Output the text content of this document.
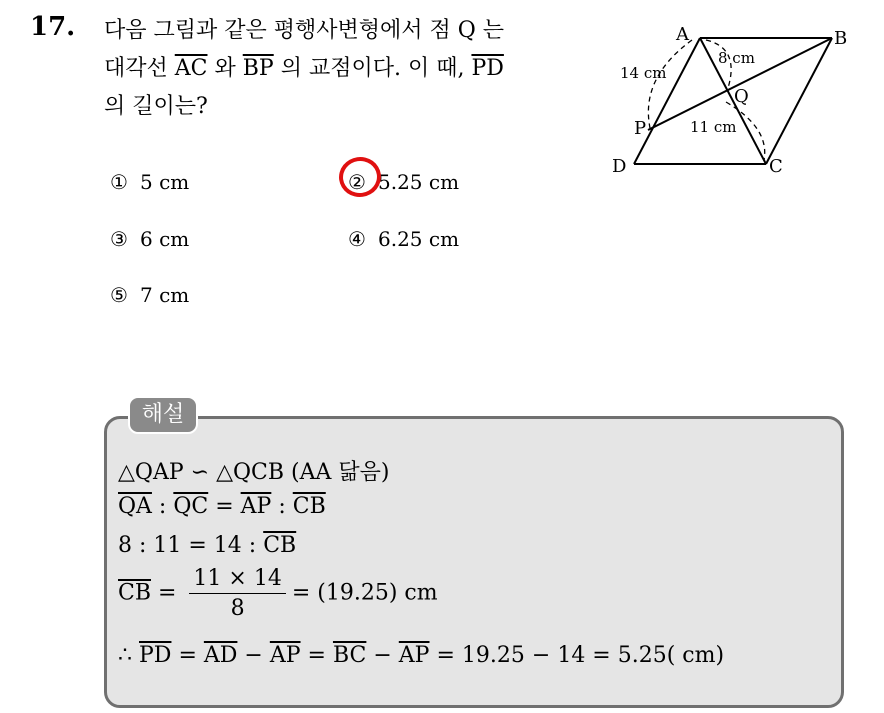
17. 다음 그림과 같은 평행사변형에서 점 Q 는
대각선 $\overline{AC}$ 와 $\overline{BP}$ 의 교점이다. 이 때, $\overline{PD}$
의 길이는?
① 5 cm	② 5.25 cm
③ 6 cm	④ 6.25 cm
⑤ 7 cm
A	B
C
D
P
Q
14 cm
8 cm
11 cm
해설
△QAP ∽ △QCB (AA 닮음)
$\overline{QA}$ : $\overline{QC} = \overline{AP}$ : $\overline{CB}$
8 : 11 = 14 : $\overline{CB}$
$\overline{CB} = \frac{11 \times 14}{8} = (19.25)$ cm
∴ $\overline{PD} = \overline{AD} - \overline{AP} = \overline{BC} - \overline{AP} = 19.25 - 14 = 5.25$( cm)
